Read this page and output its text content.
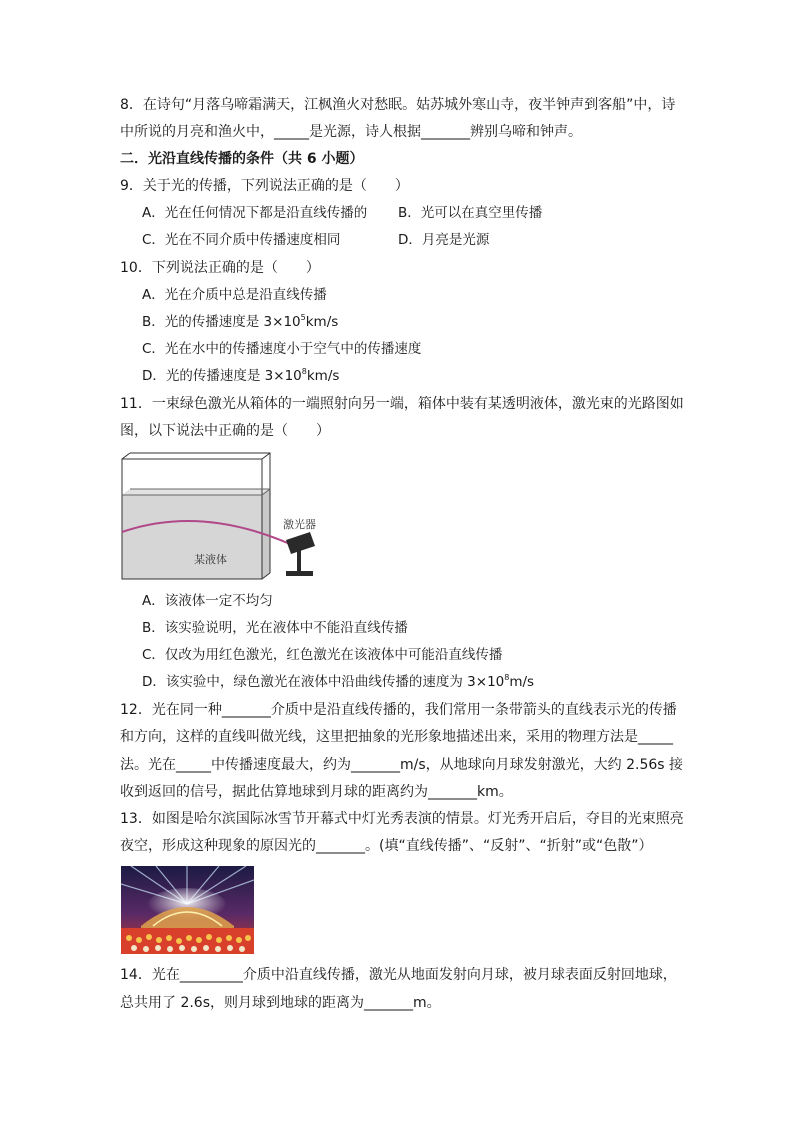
8．在诗句“月落乌啼霜满天，江枫渔火对愁眠。姑苏城外寒山寺，夜半钟声到客船”中，诗
中所说的月亮和渔火中，_____是光源，诗人根据_______辨别乌啼和钟声。
二．光沿直线传播的条件（共 6 小题）
9．关于光的传播，下列说法正确的是（　　）
A．光在任何情况下都是沿直线传播的 B．光可以在真空里传播
C．光在不同介质中传播速度相同	D．月亮是光源
10．下列说法正确的是（　　）
A．光在介质中总是沿直线传播
B．光的传播速度是 $3\times 10^5km/s$
C．光在水中的传播速度小于空气中的传播速度
D．光的传播速度是 $3\times 10^8km/s$
11．一束绿色激光从箱体的一端照射向另一端，箱体中装有某透明液体，激光束的光路图如
图，以下说法中正确的是（　　）
激光器
某液体
A．该液体一定不均匀
B．该实验说明，光在液体中不能沿直线传播
C．仅改为用红色激光，红色激光在该液体中可能沿直线传播
D．该实验中，绿色激光在液体中沿曲线传播的速度为 $3\times 10^8m/s$
12．光在同一种_______介质中是沿直线传播的，我们常用一条带箭头的直线表示光的传播
和方向，这样的直线叫做光线，这里把抽象的光形象地描述出来，采用的物理方法是_____
法。光在_____中传播速度最大，约为_______m/s，从地球向月球发射激光，大约 2.56s 接
收到返回的信号，据此估算地球到月球的距离约为_______km。
13．如图是哈尔滨国际冰雪节开幕式中灯光秀表演的情景。灯光秀开启后，夺目的光束照亮
夜空，形成这种现象的原因光的_______。(填“直线传播”、“反射”、“折射”或“色散”）
14．光在_________介质中沿直线传播，激光从地面发射向月球，被月球表面反射回地球，
总共用了 2.6s，则月球到地球的距离为_______m。
